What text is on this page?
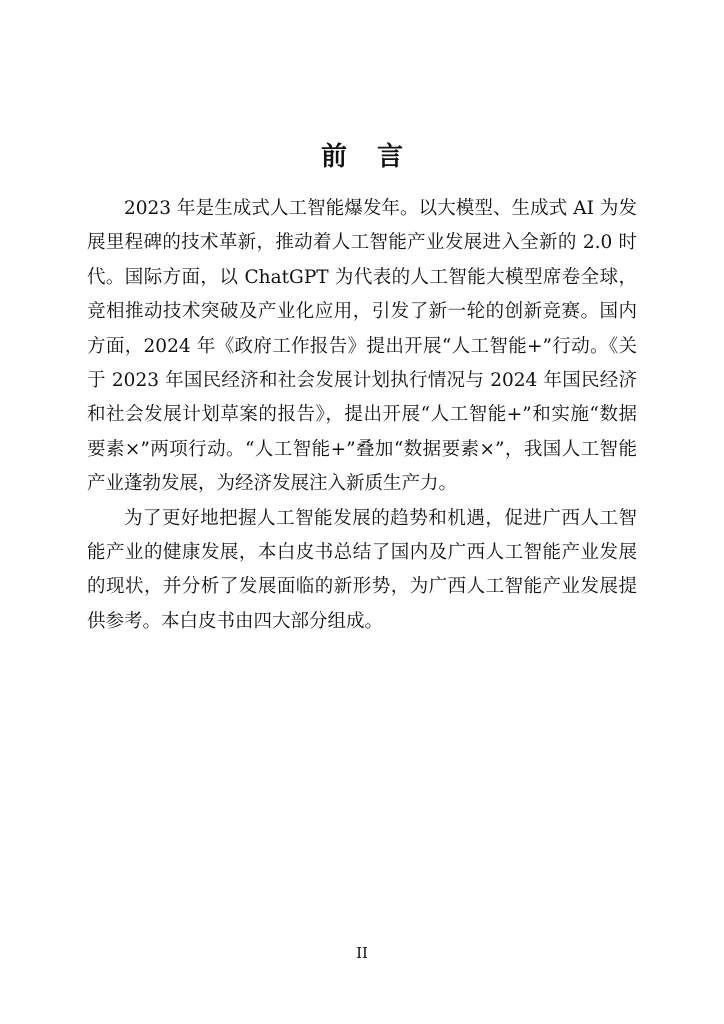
前言

2023 年是生成式人工智能爆发年。以大模型、生成式 AI 为发展里程碑的技术革新，推动着人工智能产业发展进入全新的 2.0 时代。国际方面，以 ChatGPT 为代表的人工智能大模型席卷全球，竞相推动技术突破及产业化应用，引发了新一轮的创新竞赛。国内方面，2024 年《政府工作报告》提出开展“人工智能+”行动。《关于 2023 年国民经济和社会发展计划执行情况与 2024 年国民经济和社会发展计划草案的报告》，提出开展“人工智能+”和实施“数据要素×”两项行动。“人工智能+”叠加“数据要素×”，我国人工智能产业蓬勃发展，为经济发展注入新质生产力。

为了更好地把握人工智能发展的趋势和机遇，促进广西人工智能产业的健康发展，本白皮书总结了国内及广西人工智能产业发展的现状，并分析了发展面临的新形势，为广西人工智能产业发展提供参考。本白皮书由四大部分组成。

II
